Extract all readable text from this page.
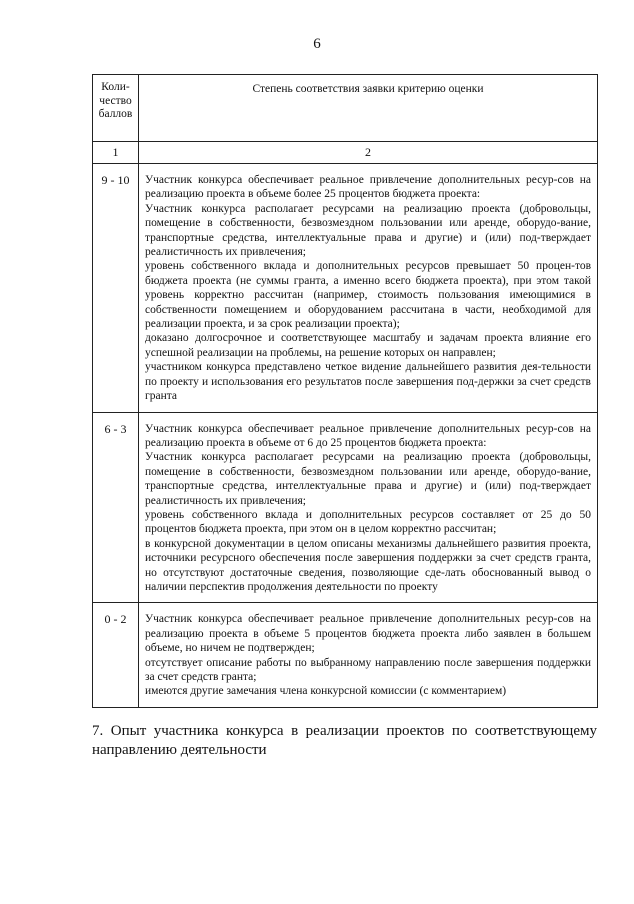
6
Коли-
чество
баллов	Степень соответствия заявки критерию оценки
1	2
9 - 10	Участник конкурса обеспечивает реальное привлечение дополнительных ресур-сов на реализацию проекта в объеме более 25 процентов бюджета проекта:

Участник конкурса располагает ресурсами на реализацию проекта (добровольцы, помещение в собственности, безвозмездном пользовании или аренде, оборудо-вание, транспортные средства, интеллектуальные права и другие) и (или) под-тверждает реалистичность их привлечения;

уровень собственного вклада и дополнительных ресурсов превышает 50 процен-тов бюджета проекта (не суммы гранта, а именно всего бюджета проекта), при этом такой уровень корректно рассчитан (например, стоимость пользования имеющимися в собственности помещением и оборудованием рассчитана в части, необходимой для реализации проекта, и за срок реализации проекта);

доказано долгосрочное и соответствующее масштабу и задачам проекта влияние его успешной реализации на проблемы, на решение которых он направлен;

участником конкурса представлено четкое видение дальнейшего развития дея-тельности по проекту и использования его результатов после завершения под-держки за счет средств гранта

6 - 3	Участник конкурса обеспечивает реальное привлечение дополнительных ресур-сов на реализацию проекта в объеме от 6 до 25 процентов бюджета проекта:

Участник конкурса располагает ресурсами на реализацию проекта (добровольцы, помещение в собственности, безвозмездном пользовании или аренде, оборудо-вание, транспортные средства, интеллектуальные права и другие) и (или) под-тверждает реалистичность их привлечения;

уровень собственного вклада и дополнительных ресурсов составляет от 25 до 50 процентов бюджета проекта, при этом он в целом корректно рассчитан;

в конкурсной документации в целом описаны механизмы дальнейшего развития проекта, источники ресурсного обеспечения после завершения поддержки за счет средств гранта, но отсутствуют достаточные сведения, позволяющие сде-лать обоснованный вывод о наличии перспектив продолжения деятельности по проекту

0 - 2	Участник конкурса обеспечивает реальное привлечение дополнительных ресур-сов на реализацию проекта в объеме 5 процентов бюджета проекта либо заявлен в большем объеме, но ничем не подтвержден;

отсутствует описание работы по выбранному направлению после завершения поддержки за счет средств гранта;

имеются другие замечания члена конкурсной комиссии (с комментарием)

7. Опыт участника конкурса в реализации проектов по соответствующему направлению деятельности
